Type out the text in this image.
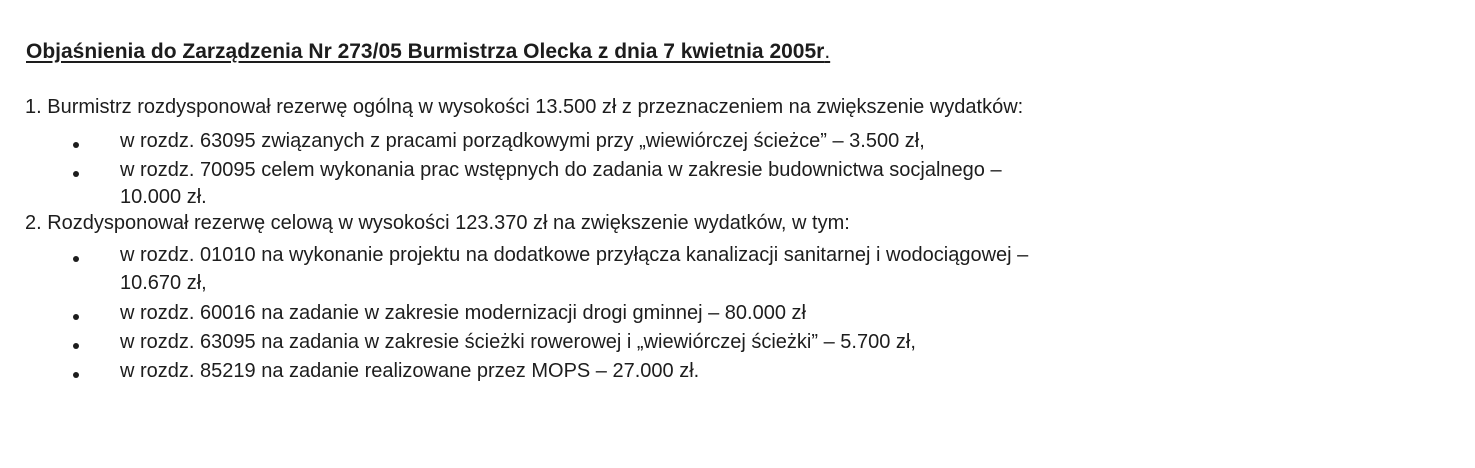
Objaśnienia do Zarządzenia Nr 273/05 Burmistrza Olecka z dnia 7 kwietnia 2005r.
1. Burmistrz rozdysponował rezerwę ogólną w wysokości 13.500 zł z przeznaczeniem na zwiększenie wydatków:
w rozdz. 63095 związanych z pracami porządkowymi przy „wiewiórczej ścieżce” – 3.500 zł,
w rozdz. 70095 celem wykonania prac wstępnych do zadania w zakresie budownictwa socjalnego –
10.000 zł.
2. Rozdysponował rezerwę celową w wysokości 123.370 zł na zwiększenie wydatków, w tym:
w rozdz. 01010 na wykonanie projektu na dodatkowe przyłącza kanalizacji sanitarnej i wodociągowej –
10.670 zł,
w rozdz. 60016 na zadanie w zakresie modernizacji drogi gminnej – 80.000 zł
w rozdz. 63095 na zadania w zakresie ścieżki rowerowej i „wiewiórczej ścieżki” – 5.700 zł,
w rozdz. 85219 na zadanie realizowane przez MOPS – 27.000 zł.
